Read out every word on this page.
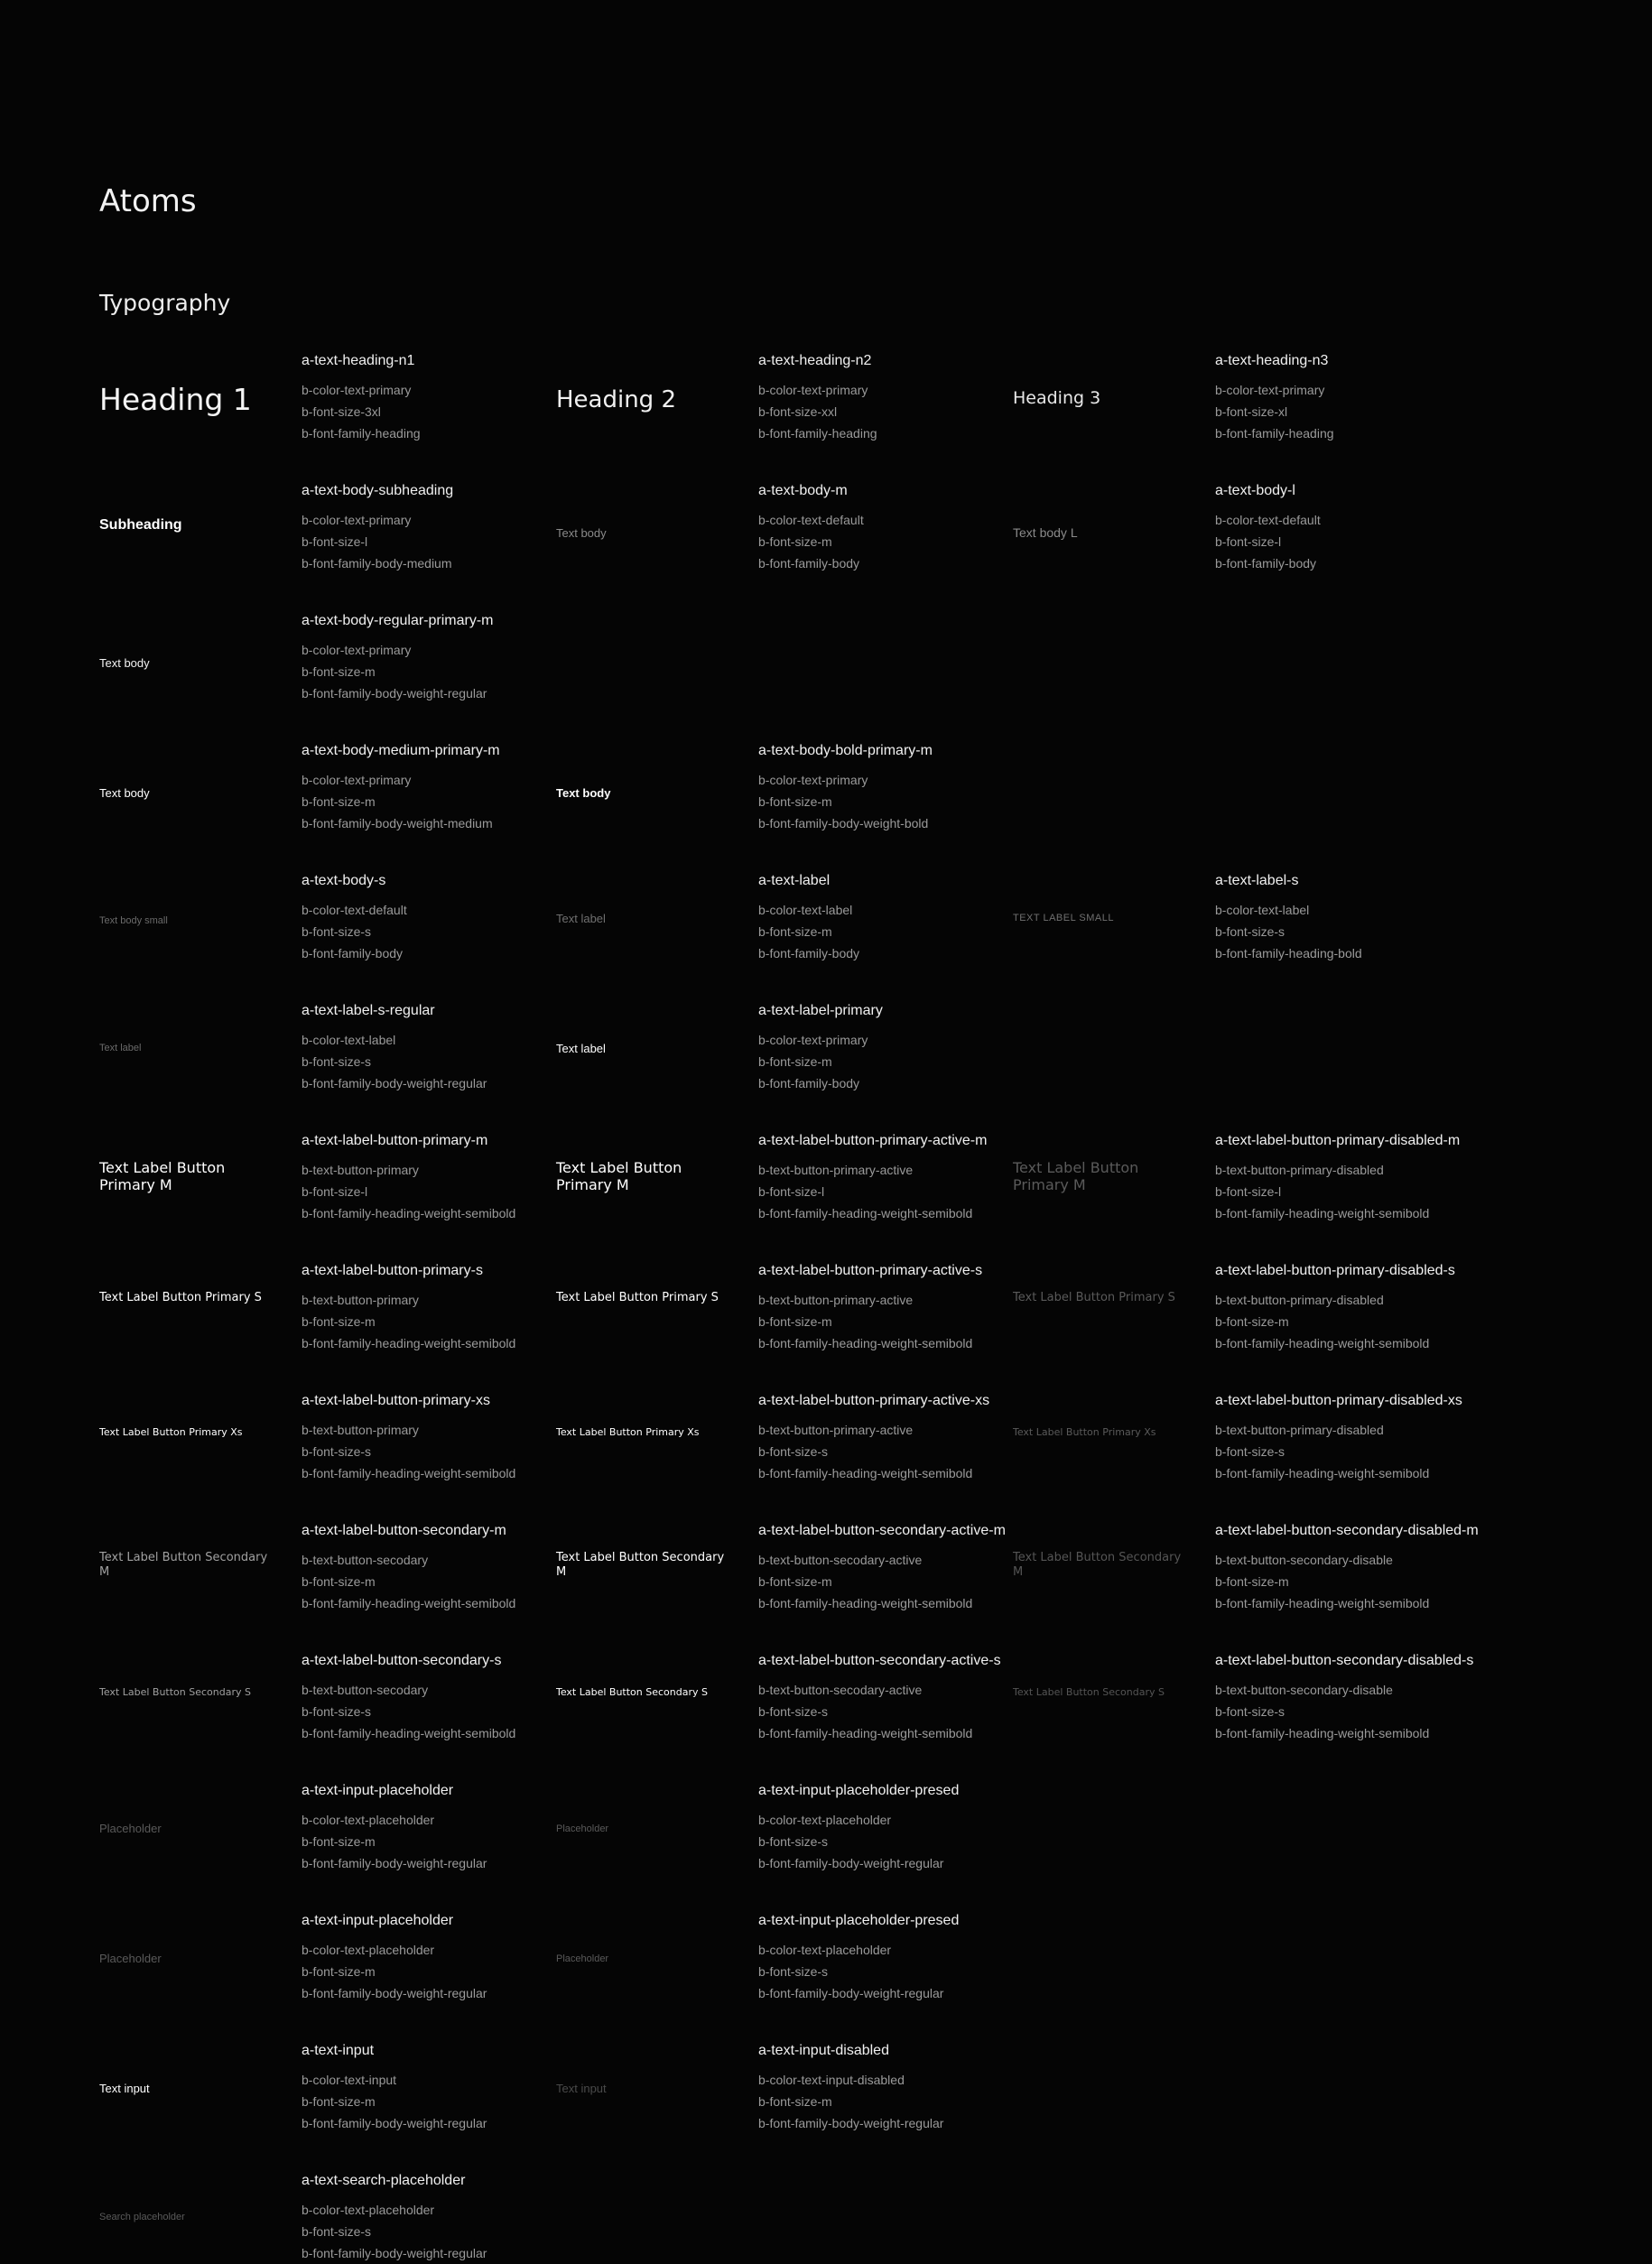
Atoms
Typography
Heading 1
a-text-heading-n1
b-color-text-primary
b-font-size-3xl
b-font-family-heading
Heading 2
a-text-heading-n2
b-color-text-primary
b-font-size-xxl
b-font-family-heading
Heading 3
a-text-heading-n3
b-color-text-primary
b-font-size-xl
b-font-family-heading
Subheading
a-text-body-subheading
b-color-text-primary
b-font-size-l
b-font-family-body-medium
Text body
a-text-body-m
b-color-text-default
b-font-size-m
b-font-family-body
Text body L
a-text-body-l
b-color-text-default
b-font-size-l
b-font-family-body
Text body
a-text-body-regular-primary-m
b-color-text-primary
b-font-size-m
b-font-family-body-weight-regular
Text body
a-text-body-medium-primary-m
b-color-text-primary
b-font-size-m
b-font-family-body-weight-medium
Text body
a-text-body-bold-primary-m
b-color-text-primary
b-font-size-m
b-font-family-body-weight-bold
Text body small
a-text-body-s
b-color-text-default
b-font-size-s
b-font-family-body
Text label
a-text-label
b-color-text-label
b-font-size-m
b-font-family-body
TEXT LABEL SMALL
a-text-label-s
b-color-text-label
b-font-size-s
b-font-family-heading-bold
Text label
a-text-label-s-regular
b-color-text-label
b-font-size-s
b-font-family-body-weight-regular
Text label
a-text-label-primary
b-color-text-primary
b-font-size-m
b-font-family-body
Text Label Button Primary M
a-text-label-button-primary-m
b-text-button-primary
b-font-size-l
b-font-family-heading-weight-semibold
Text Label Button Primary M
a-text-label-button-primary-active-m
b-text-button-primary-active
b-font-size-l
b-font-family-heading-weight-semibold
Text Label Button Primary M
a-text-label-button-primary-disabled-m
b-text-button-primary-disabled
b-font-size-l
b-font-family-heading-weight-semibold
Text Label Button Primary S
a-text-label-button-primary-s
b-text-button-primary
b-font-size-m
b-font-family-heading-weight-semibold
Text Label Button Primary S
a-text-label-button-primary-active-s
b-text-button-primary-active
b-font-size-m
b-font-family-heading-weight-semibold
Text Label Button Primary S
a-text-label-button-primary-disabled-s
b-text-button-primary-disabled
b-font-size-m
b-font-family-heading-weight-semibold
Text Label Button Primary Xs
a-text-label-button-primary-xs
b-text-button-primary
b-font-size-s
b-font-family-heading-weight-semibold
Text Label Button Primary Xs
a-text-label-button-primary-active-xs
b-text-button-primary-active
b-font-size-s
b-font-family-heading-weight-semibold
Text Label Button Primary Xs
a-text-label-button-primary-disabled-xs
b-text-button-primary-disabled
b-font-size-s
b-font-family-heading-weight-semibold
Text Label Button Secondary M
a-text-label-button-secondary-m
b-text-button-secodary
b-font-size-m
b-font-family-heading-weight-semibold
Text Label Button Secondary M
a-text-label-button-secondary-active-m
b-text-button-secodary-active
b-font-size-m
b-font-family-heading-weight-semibold
Text Label Button Secondary M
a-text-label-button-secondary-disabled-m
b-text-button-secondary-disable
b-font-size-m
b-font-family-heading-weight-semibold
Text Label Button Secondary S
a-text-label-button-secondary-s
b-text-button-secodary
b-font-size-s
b-font-family-heading-weight-semibold
Text Label Button Secondary S
a-text-label-button-secondary-active-s
b-text-button-secodary-active
b-font-size-s
b-font-family-heading-weight-semibold
Text Label Button Secondary S
a-text-label-button-secondary-disabled-s
b-text-button-secondary-disable
b-font-size-s
b-font-family-heading-weight-semibold
Placeholder
a-text-input-placeholder
b-color-text-placeholder
b-font-size-m
b-font-family-body-weight-regular
Placeholder
a-text-input-placeholder-presed
b-color-text-placeholder
b-font-size-s
b-font-family-body-weight-regular
Placeholder
a-text-input-placeholder
b-color-text-placeholder
b-font-size-m
b-font-family-body-weight-regular
Placeholder
a-text-input-placeholder-presed
b-color-text-placeholder
b-font-size-s
b-font-family-body-weight-regular
Text input
a-text-input
b-color-text-input
b-font-size-m
b-font-family-body-weight-regular
Text input
a-text-input-disabled
b-color-text-input-disabled
b-font-size-m
b-font-family-body-weight-regular
Search placeholder
a-text-search-placeholder
b-color-text-placeholder
b-font-size-s
b-font-family-body-weight-regular
